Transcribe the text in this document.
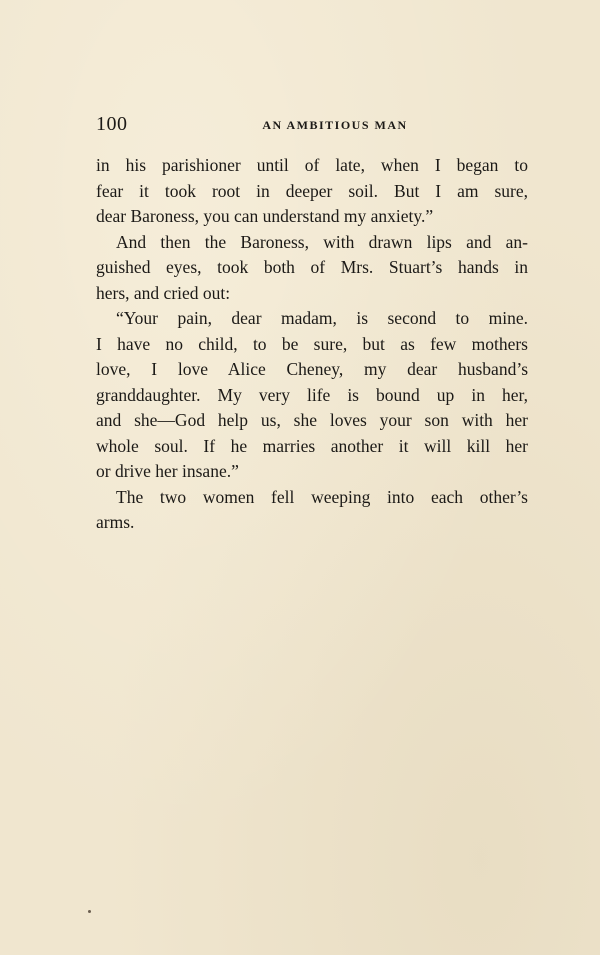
100	AN AMBITIOUS MAN

in his parishioner until of late, when I began to
fear it took root in deeper soil. But I am sure,
dear Baroness, you can understand my anxiety.”

And then the Baroness, with drawn lips and an-
guished eyes, took both of Mrs. Stuart’s hands in
hers, and cried out:

“Your pain, dear madam, is second to mine.
I have no child, to be sure, but as few mothers
love, I love Alice Cheney, my dear husband’s
granddaughter. My very life is bound up in her,
and she—God help us, she loves your son with her
whole soul. If he marries another it will kill her
or drive her insane.”

The two women fell weeping into each other’s
arms.
